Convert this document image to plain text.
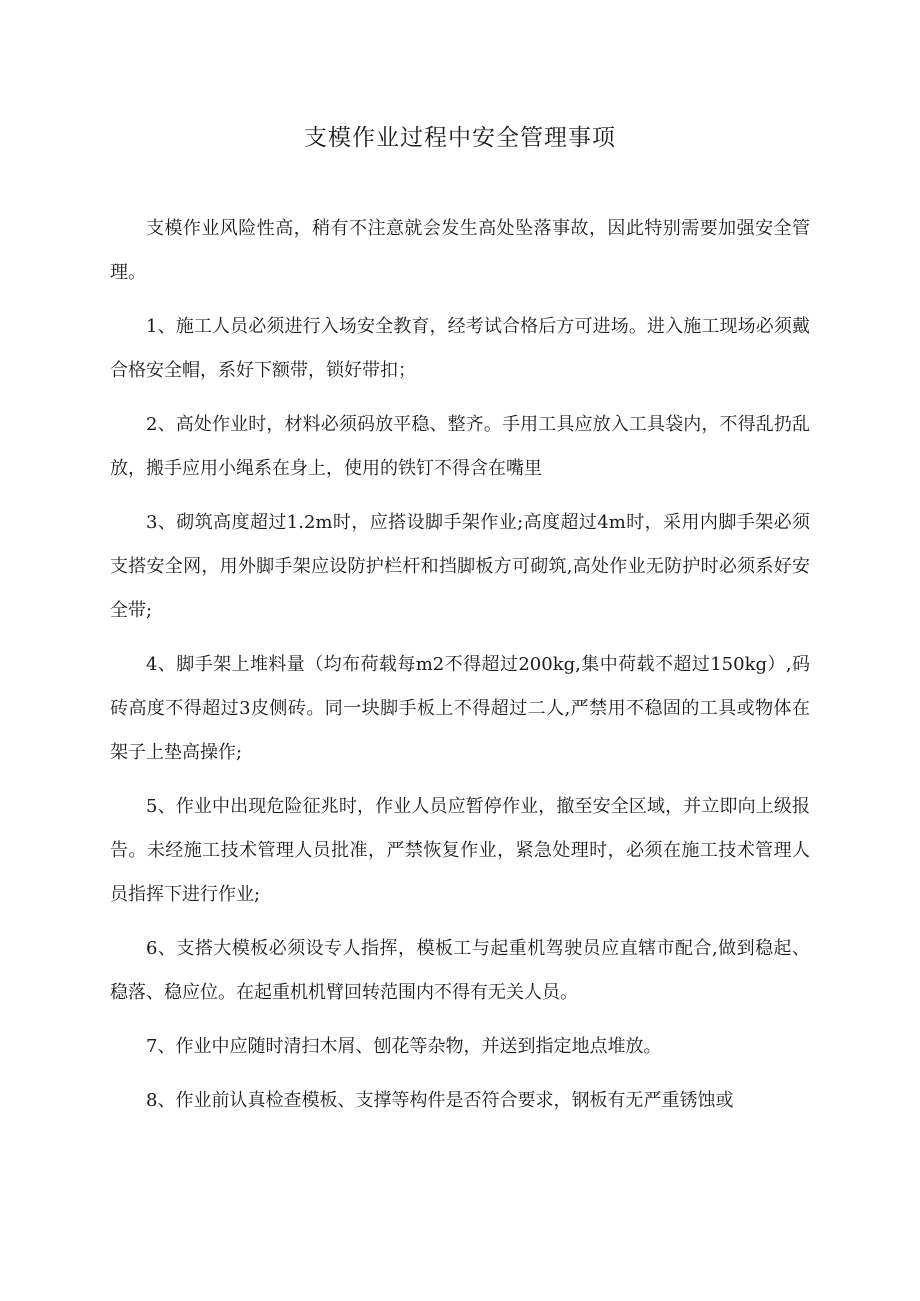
支模作业过程中安全管理事项

支模作业风险性高，稍有不注意就会发生高处坠落事故，因此特别需要加强安全管理。

1、施工人员必须进行入场安全教育，经考试合格后方可进场。进入施工现场必须戴合格安全帽，系好下额带，锁好带扣；

2、高处作业时，材料必须码放平稳、整齐。手用工具应放入工具袋内，不得乱扔乱放，搬手应用小绳系在身上，使用的铁钉不得含在嘴里

3、砌筑高度超过1.2m时，应搭设脚手架作业;高度超过4m时，采用内脚手架必须支搭安全网，用外脚手架应设防护栏杆和挡脚板方可砌筑,高处作业无防护时必须系好安全带;

4、脚手架上堆料量（均布荷载每m2不得超过200kg,集中荷载不超过150kg）,码砖高度不得超过3皮侧砖。同一块脚手板上不得超过二人,严禁用不稳固的工具或物体在架子上垫高操作;

5、作业中出现危险征兆时，作业人员应暂停作业，撤至安全区域，并立即向上级报告。未经施工技术管理人员批准，严禁恢复作业，紧急处理时，必须在施工技术管理人员指挥下进行作业;

6、支搭大模板必须设专人指挥，模板工与起重机驾驶员应直辖市配合,做到稳起、稳落、稳应位。在起重机机臂回转范围内不得有无关人员。

7、作业中应随时清扫木屑、刨花等杂物，并送到指定地点堆放。

8、作业前认真检查模板、支撑等构件是否符合要求，钢板有无严重锈蚀或
